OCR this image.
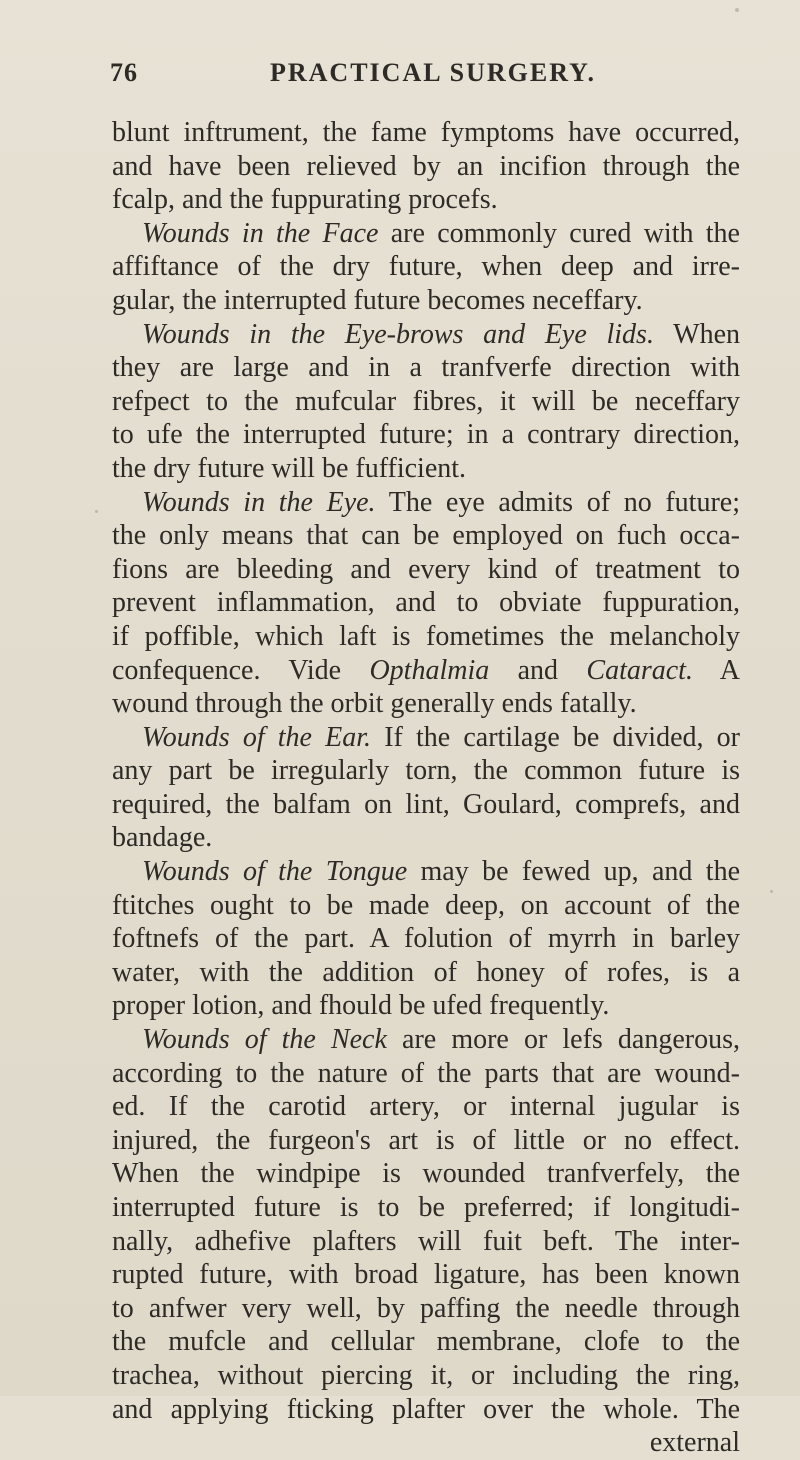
76	PRACTICAL SURGERY.
blunt inftrument, the fame fymptoms have occurred,
and have been relieved by an incifion through the
fcalp, and the fuppurating procefs.
Wounds in the Face are commonly cured with the
affiftance of the dry future, when deep and irre-
gular, the interrupted future becomes neceffary.
Wounds in the Eye-brows and Eye lids. When
they are large and in a tranfverfe direction with
refpect to the mufcular fibres, it will be neceffary
to ufe the interrupted future; in a contrary direction,
the dry future will be fufficient.
Wounds in the Eye. The eye admits of no future;
the only means that can be employed on fuch occa-
fions are bleeding and every kind of treatment to
prevent inflammation, and to obviate fuppuration,
if poffible, which laft is fometimes the melancholy
confequence. Vide Opthalmia and Cataract. A
wound through the orbit generally ends fatally.
Wounds of the Ear. If the cartilage be divided, or
any part be irregularly torn, the common future is
required, the balfam on lint, Goulard, comprefs, and
bandage.
Wounds of the Tongue may be fewed up, and the
ftitches ought to be made deep, on account of the
foftnefs of the part. A folution of myrrh in barley
water, with the addition of honey of rofes, is a
proper lotion, and fhould be ufed frequently.
Wounds of the Neck are more or lefs dangerous,
according to the nature of the parts that are wound-
ed. If the carotid artery, or internal jugular is
injured, the furgeon's art is of little or no effect.
When the windpipe is wounded tranfverfely, the
interrupted future is to be preferred; if longitudi-
nally, adhefive plafters will fuit beft. The inter-
rupted future, with broad ligature, has been known
to anfwer very well, by paffing the needle through
the mufcle and cellular membrane, clofe to the
trachea, without piercing it, or including the ring,
and applying fticking plafter over the whole. The
external
